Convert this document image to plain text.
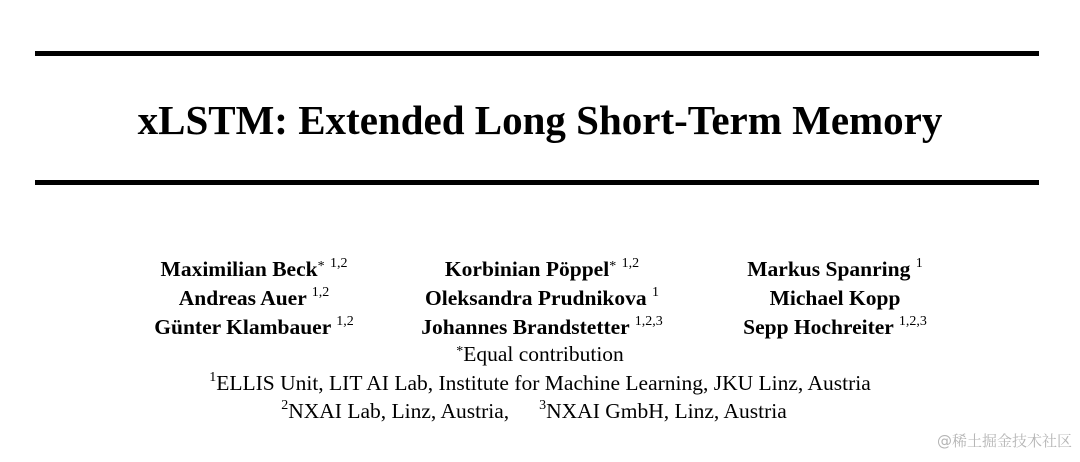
xLSTM: Extended Long Short-Term Memory
Maximilian Beck* $^{1,2}$	Korbinian Pöppel* $^{1,2}$	Markus Spanring $^1$
Andreas Auer $^{1,2}$	Oleksandra Prudnikova $^1$	Michael Kopp
Günter Klambauer $^{1,2}$	Johannes Brandstetter $^{1,2,3}$	Sepp Hochreiter $^{1,2,3}$
*Equal contribution
$^1$ELLIS Unit, LIT AI Lab, Institute for Machine Learning, JKU Linz, Austria
$^2$NXAI Lab, Linz, Austria, $^3$NXAI GmbH, Linz, Austria
@稀土掘金技术社区
